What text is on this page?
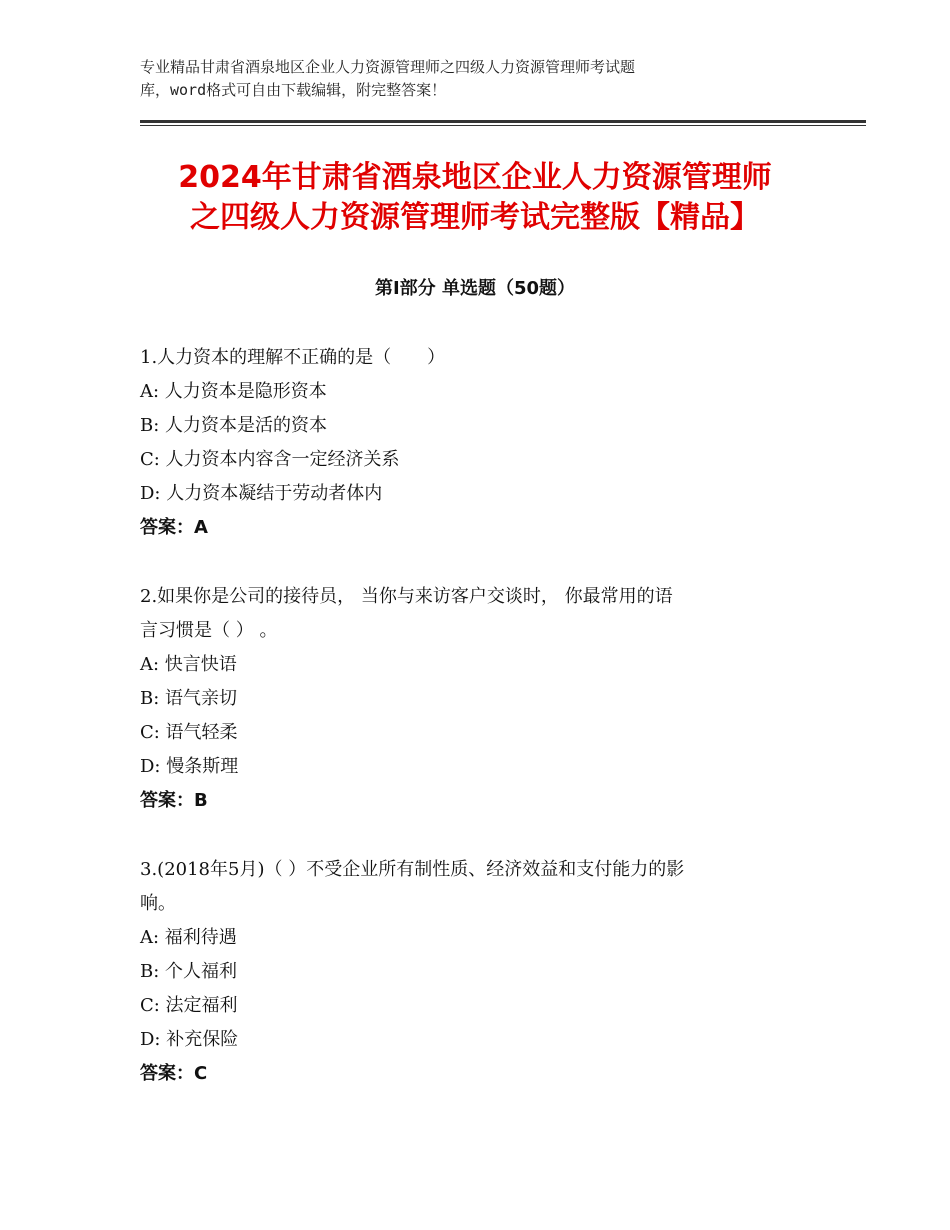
专业精品甘肃省酒泉地区企业人力资源管理师之四级人力资源管理师考试题
库，word格式可自由下载编辑，附完整答案！
2024年甘肃省酒泉地区企业人力资源管理师
之四级人力资源管理师考试完整版【精品】
第Ⅰ部分 单选题（50题）
1.人力资本的理解不正确的是（　　）
A: 人力资本是隐形资本
B: 人力资本是活的资本
C: 人力资本内容含一定经济关系
D: 人力资本凝结于劳动者体内
答案：A
2.如果你是公司的接待员， 当你与来访客户交谈时， 你最常用的语
言习惯是（ ） 。
A: 快言快语
B: 语气亲切
C: 语气轻柔
D: 慢条斯理
答案：B
3.(2018年5月)（ ）不受企业所有制性质、经济效益和支付能力的影
响。
A: 福利待遇
B: 个人福利
C: 法定福利
D: 补充保险
答案：C
